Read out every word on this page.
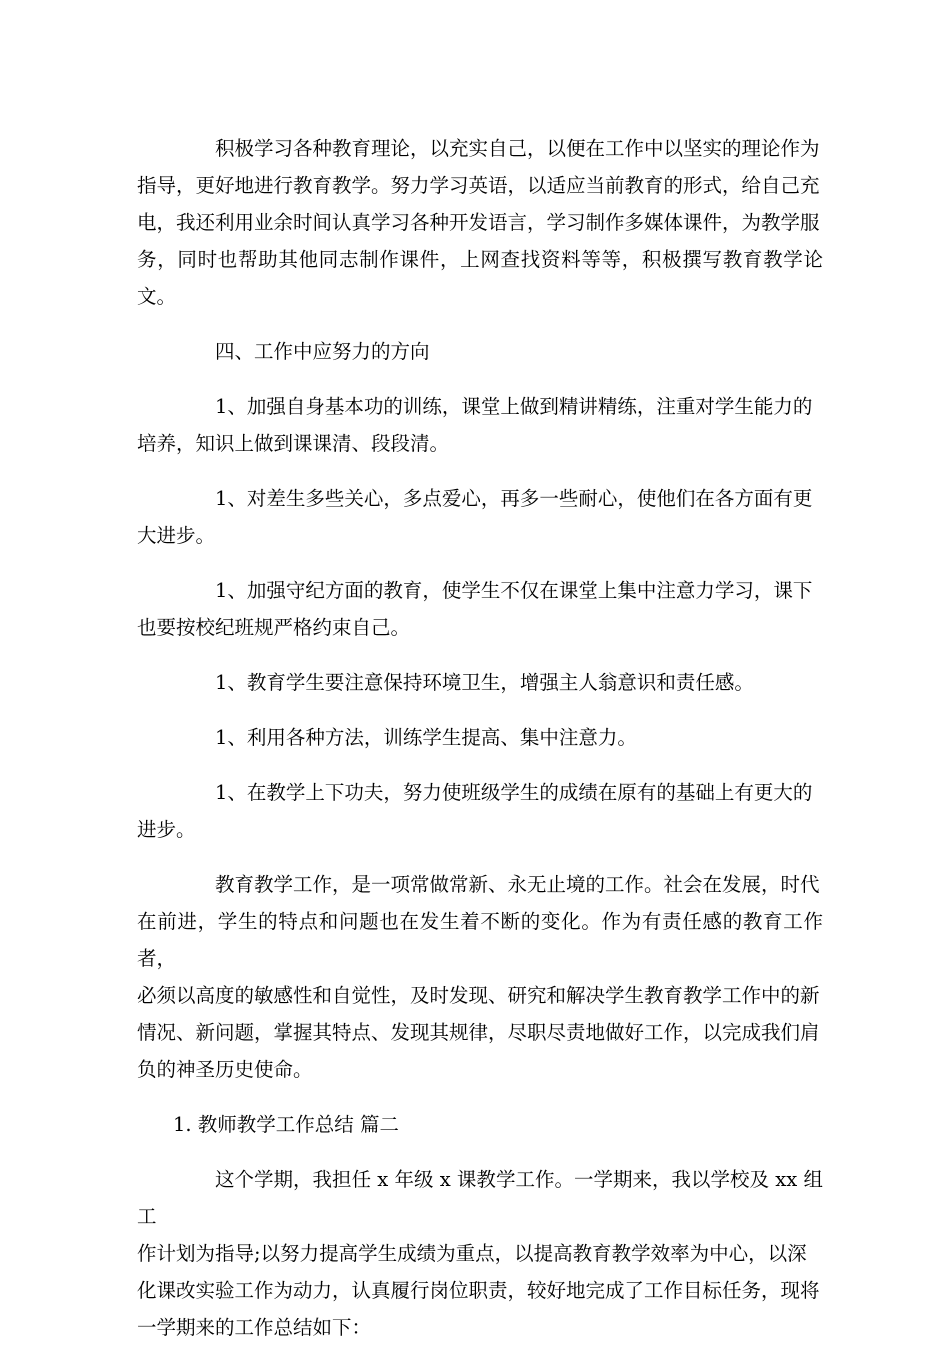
积极学习各种教育理论，以充实自己，以便在工作中以坚实的理论作为
指导，更好地进行教育教学。努力学习英语，以适应当前教育的形式，给自己充
电，我还利用业余时间认真学习各种开发语言，学习制作多媒体课件，为教学服
务，同时也帮助其他同志制作课件，上网查找资料等等，积极撰写教育教学论文。

四、工作中应努力的方向

1、加强自身基本功的训练，课堂上做到精讲精练，注重对学生能力的
培养，知识上做到课课清、段段清。

1、对差生多些关心，多点爱心，再多一些耐心，使他们在各方面有更
大进步。

1、加强守纪方面的教育，使学生不仅在课堂上集中注意力学习，课下
也要按校纪班规严格约束自己。

1、教育学生要注意保持环境卫生，增强主人翁意识和责任感。

1、利用各种方法，训练学生提高、集中注意力。

1、在教学上下功夫，努力使班级学生的成绩在原有的基础上有更大的
进步。

教育教学工作，是一项常做常新、永无止境的工作。社会在发展，时代
在前进，学生的特点和问题也在发生着不断的变化。作为有责任感的教育工作者，
必须以高度的敏感性和自觉性，及时发现、研究和解决学生教育教学工作中的新
情况、新问题，掌握其特点、发现其规律，尽职尽责地做好工作，以完成我们肩
负的神圣历史使命。

1. 教师教学工作总结 篇二

这个学期，我担任 x 年级 x 课教学工作。一学期来，我以学校及 xx 组工
作计划为指导;以努力提高学生成绩为重点，以提高教育教学效率为中心，以深
化课改实验工作为动力，认真履行岗位职责，较好地完成了工作目标任务，现将
一学期来的工作总结如下：
